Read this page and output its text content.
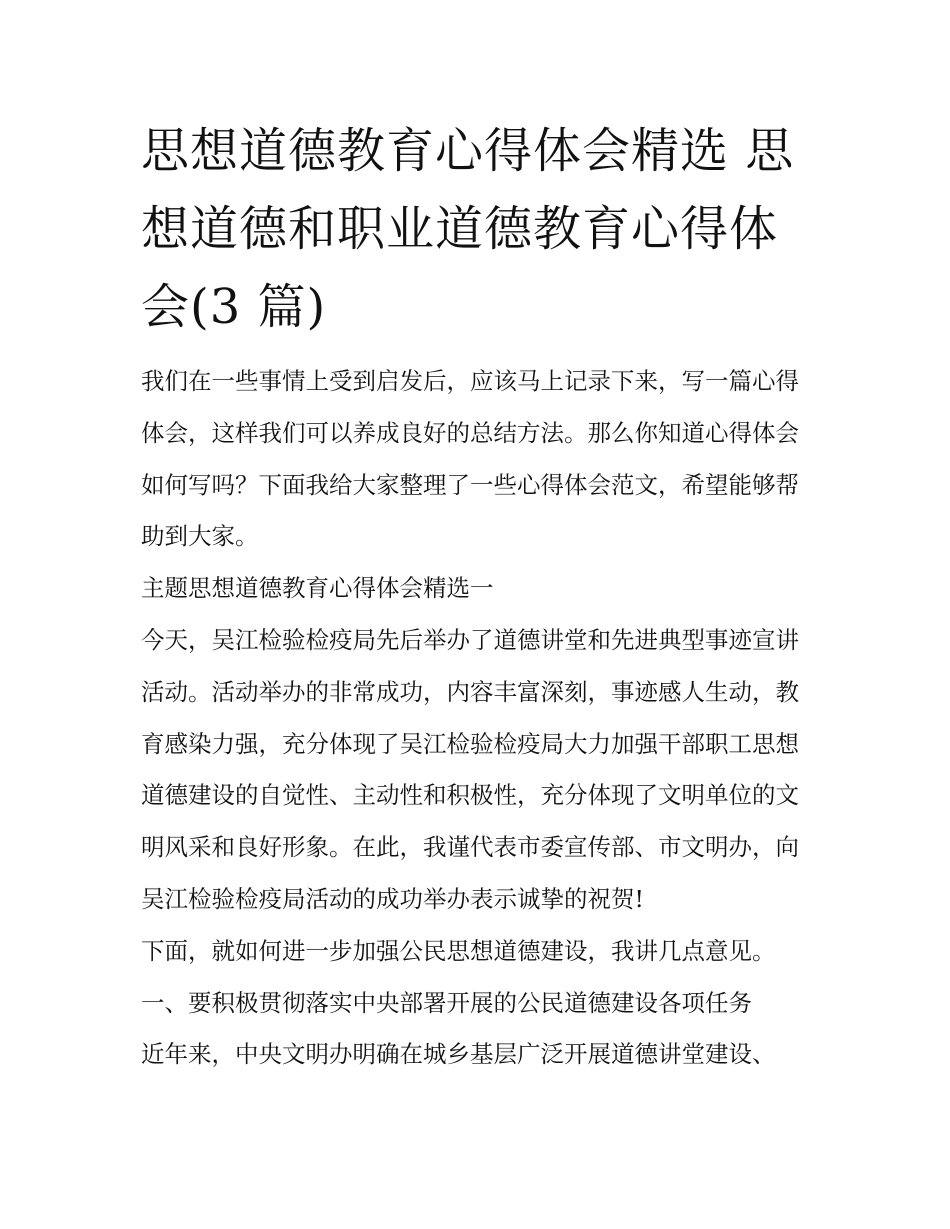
思想道德教育心得体会精选 思
想道德和职业道德教育心得体
会(3 篇)

我们在一些事情上受到启发后，应该马上记录下来，写一篇心得体会，这样我们可以养成良好的总结方法。那么你知道心得体会如何写吗？下面我给大家整理了一些心得体会范文，希望能够帮助到大家。

主题思想道德教育心得体会精选一

今天，吴江检验检疫局先后举办了道德讲堂和先进典型事迹宣讲活动。活动举办的非常成功，内容丰富深刻，事迹感人生动，教育感染力强，充分体现了吴江检验检疫局大力加强干部职工思想道德建设的自觉性、主动性和积极性，充分体现了文明单位的文明风采和良好形象。在此，我谨代表市委宣传部、市文明办，向吴江检验检疫局活动的成功举办表示诚挚的祝贺!

下面，就如何进一步加强公民思想道德建设，我讲几点意见。

一、要积极贯彻落实中央部署开展的公民道德建设各项任务

近年来，中央文明办明确在城乡基层广泛开展道德讲堂建设、
